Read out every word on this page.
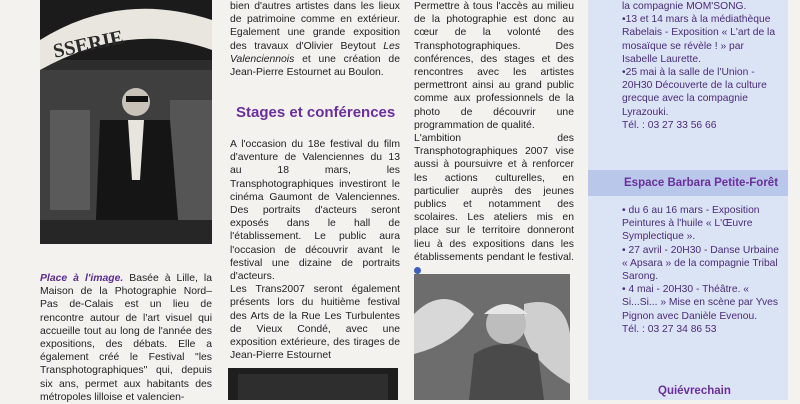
SSERIE

Place à l'image. Basée à Lille, la Maison de la Photographie Nord–Pas de-Calais est un lieu de rencontre autour de l'art visuel qui accueille tout au long de l'année des expositions, des débats. Elle a également créé le Festival "les Transphotographiques" qui, depuis six ans, permet aux habitants des métropoles lilloise et valencien-

bien d'autres artistes dans les lieux de patrimoine comme en extérieur. Egalement une grande exposition des travaux d'Olivier Beytout Les Valenciennois et une création de Jean-Pierre Estournet au Boulon.

Stages et conférences

A l'occasion du 18e festival du film d'aventure de Valenciennes du 13 au 18 mars, les Transphotographiques investiront le cinéma Gaumont de Valenciennes. Des portraits d'acteurs seront exposés dans le hall de l'établissement. Le public aura l'occasion de découvrir avant le festival une dizaine de portraits d'acteurs.

Les Trans2007 seront également présents lors du huitième festival des Arts de la Rue Les Turbulentes de Vieux Condé, avec une exposition extérieure, des tirages de Jean-Pierre Estournet

Permettre à tous l'accès au milieu de la photographie est donc au cœur de la volonté des Transphotographiques. Des conférences, des stages et des rencontres avec les artistes permettront ainsi au grand public comme aux professionnels de la photo de découvrir une programmation de qualité.

L'ambition des Transphotographiques 2007 vise aussi à poursuivre et à renforcer les actions culturelles, en particulier auprès des jeunes publics et notamment des scolaires. Les ateliers mis en place sur le territoire donneront lieu à des expositions dans les établissements pendant le festival.

la compagnie MOM'SONG.
•13 et 14 mars à la médiathèque Rabelais - Exposition « L'art de la mosaïque se révèle ! » par Isabelle Laurette.
•25 mai à la salle de l'Union - 20H30 Découverte de la culture grecque avec la compagnie Lyrazouki.
Tél. : 03 27 33 56 66
Espace Barbara Petite-Forêt
• du 6 au 16 mars - Exposition Peintures à l'huile « L'Œuvre Symplectique ».
• 27 avril - 20H30 - Danse Urbaine « Apsara » de la compagnie Tribal Sarong.
• 4 mai - 20H30 - Théâtre. « Si...Si... » Mise en scène par Yves Pignon avec Danièle Evenou.
Tél. : 03 27 34 86 53
Quiévrechain
